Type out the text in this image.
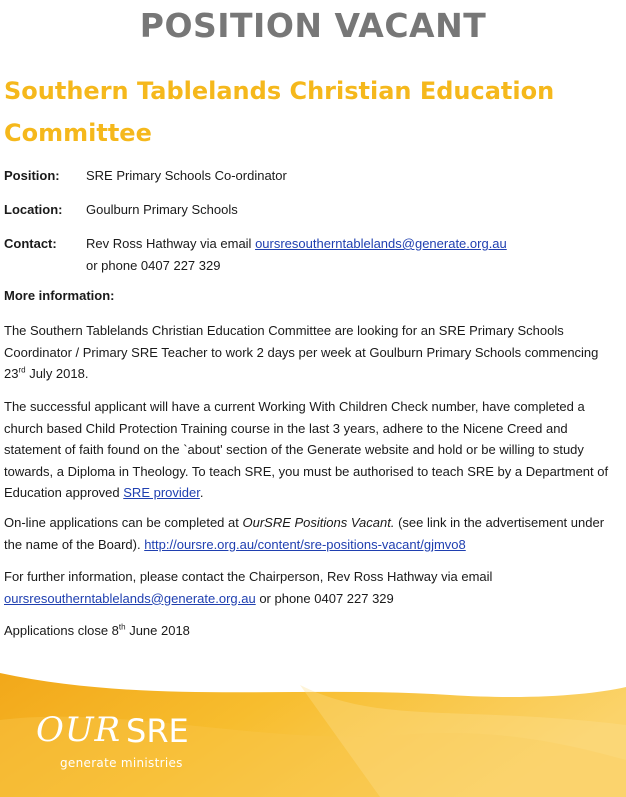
POSITION VACANT
Southern Tablelands Christian Education Committee
Position: SRE Primary Schools Co-ordinator
Location: Goulburn Primary Schools
Contact: Rev Ross Hathway via email oursresoutherntablelands@generate.org.au
or phone 0407 227 329
More information:
The Southern Tablelands Christian Education Committee are looking for an SRE Primary Schools Coordinator / Primary SRE Teacher to work 2 days per week at Goulburn Primary Schools commencing 23rd July 2018.
The successful applicant will have a current Working With Children Check number, have completed a church based Child Protection Training course in the last 3 years, adhere to the Nicene Creed and statement of faith found on the `about' section of the Generate website and hold or be willing to study towards, a Diploma in Theology. To teach SRE, you must be authorised to teach SRE by a Department of Education approved SRE provider.
On-line applications can be completed at OurSRE Positions Vacant. (see link in the advertisement under the name of the Board). http://oursre.org.au/content/sre-positions-vacant/gjmvo8
For further information, please contact the Chairperson, Rev Ross Hathway via email oursresoutherntablelands@generate.org.au or phone 0407 227 329
Applications close 8th June 2018
OUR SRE
generate ministries
